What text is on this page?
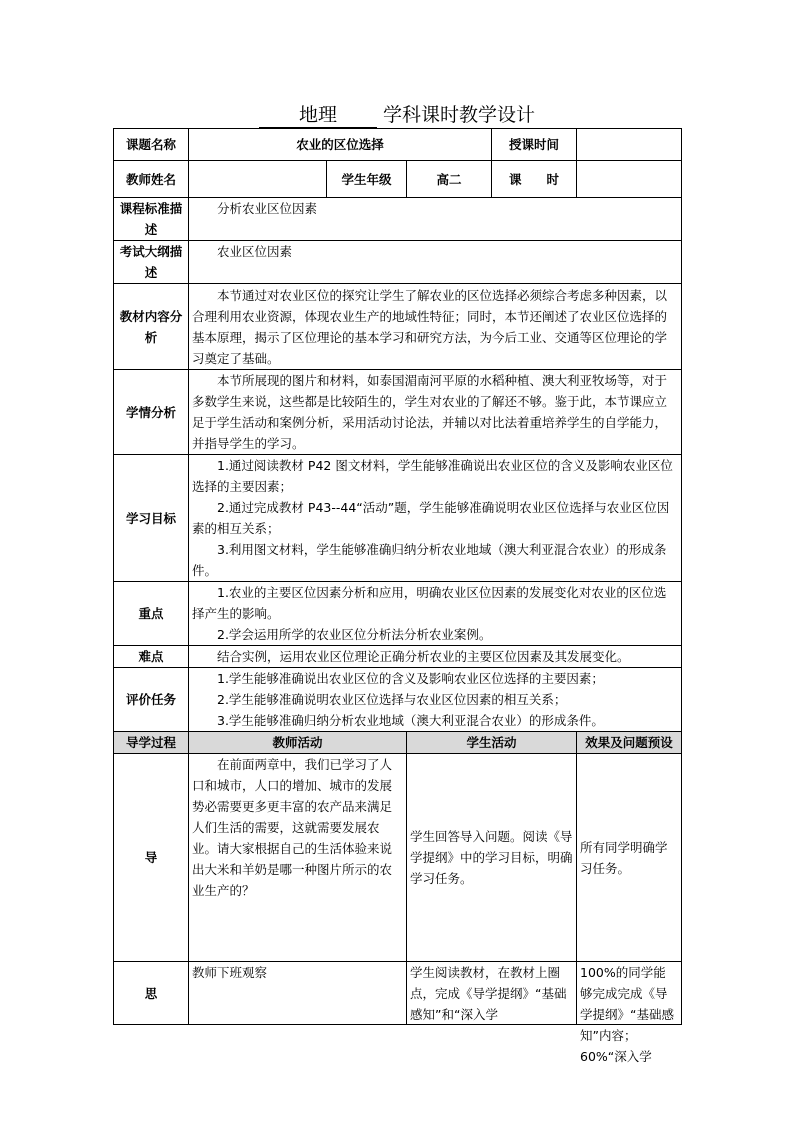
地理 学科课时教学设计
课题名称	农业的区位选择			授课时间	
教师姓名		学生年级	高二	课　　时	
课程标准描述	分析农业区位因素				

考试大纲描述	农业区位因素				

教材内容分析	本节通过对农业区位的探究让学生了解农业的区位选择必须综合考虑多种因素，以合理利用农业资源，体现农业生产的地域性特征；同时，本节还阐述了农业区位选择的基本原理，揭示了区位理论的基本学习和研究方法，为今后工业、交通等区位理论的学习奠定了基础。				

学情分析	本节所展现的图片和材料，如泰国湄南河平原的水稻种植、澳大利亚牧场等，对于多数学生来说，这些都是比较陌生的，学生对农业的了解还不够。鉴于此，本节课应立足于学生活动和案例分析，采用活动讨论法，并辅以对比法着重培养学生的自学能力，并指导学生的学习。				

学习目标	1.通过阅读教材 P42 图文材料，学生能够准确说出农业区位的含义及影响农业区位选择的主要因素；

2.通过完成教材 P43--44“活动”题，学生能够准确说明农业区位选择与农业区位因素的相互关系；

3.利用图文材料，学生能够准确归纳分析农业地域（澳大利亚混合农业）的形成条件。				

重点	1.农业的主要区位因素分析和应用，明确农业区位因素的发展变化对农业的区位选择产生的影响。

2.学会运用所学的农业区位分析法分析农业案例。				

难点	结合实例，运用农业区位理论正确分析农业的主要区位因素及其发展变化。				

评价任务	1.学生能够准确说出农业区位的含义及影响农业区位选择的主要因素；

2.学生能够准确说明农业区位选择与农业区位因素的相互关系；

3.学生能够准确归纳分析农业地域（澳大利亚混合农业）的形成条件。				

导学过程	教师活动		学生活动		效果及问题预设
导	在前面两章中，我们已学习了人口和城市，人口的增加、城市的发展势必需要更多更丰富的农产品来满足人们生活的需要，这就需要发展农业。请大家根据自己的生活体验来说出大米和羊奶是哪一种图片所示的农业生产的？		学生回答导入问题。阅读《导学提纲》中的学习目标，明确学习任务。		所有同学明确学习任务。

思	教师下班观察		学生阅读教材，在教材上圈点，完成《导学提纲》“基础感知”和“深入学		100%的同学能够完成完成《导学提纲》“基础感知”内容；60%“深入学
